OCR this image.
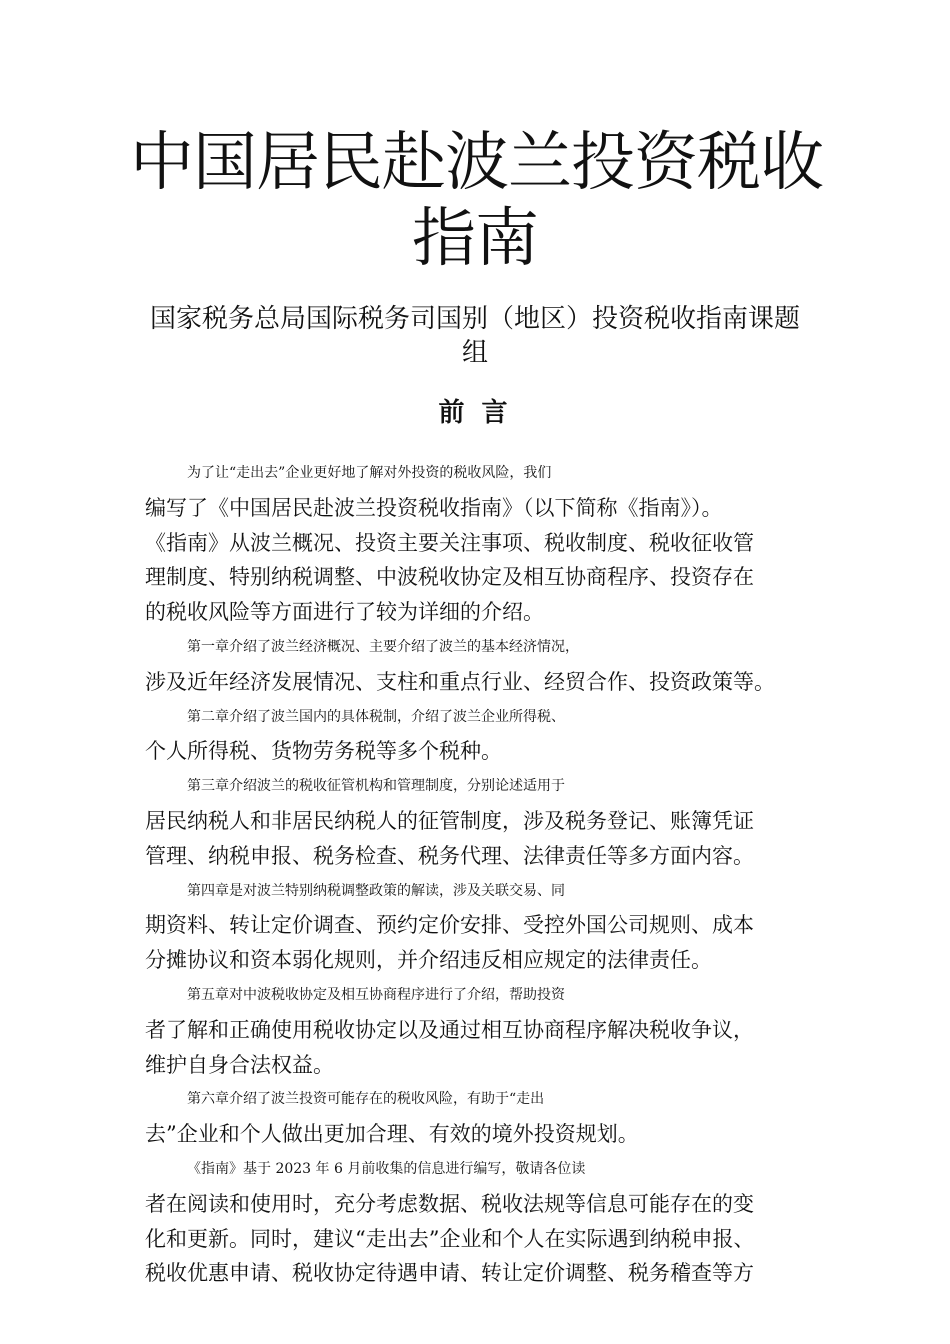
中国居民赴波兰投资税收
指南

国家税务总局国际税务司国别（地区）投资税收指南课题
组

前 言
为了让“走出去”企业更好地了解对外投资的税收风险，我们
编写了《中国居民赴波兰投资税收指南》（以下简称《指南》）。
《指南》从波兰概况、投资主要关注事项、税收制度、税收征收管
理制度、特别纳税调整、中波税收协定及相互协商程序、投资存在
的税收风险等方面进行了较为详细的介绍。
第一章介绍了波兰经济概况、主要介绍了波兰的基本经济情况，
涉及近年经济发展情况、支柱和重点行业、经贸合作、投资政策等。
第二章介绍了波兰国内的具体税制，介绍了波兰企业所得税、
个人所得税、货物劳务税等多个税种。
第三章介绍波兰的税收征管机构和管理制度，分别论述适用于
居民纳税人和非居民纳税人的征管制度，涉及税务登记、账簿凭证
管理、纳税申报、税务检查、税务代理、法律责任等多方面内容。
第四章是对波兰特别纳税调整政策的解读，涉及关联交易、同
期资料、转让定价调查、预约定价安排、受控外国公司规则、成本
分摊协议和资本弱化规则，并介绍违反相应规定的法律责任。
第五章对中波税收协定及相互协商程序进行了介绍，帮助投资
者了解和正确使用税收协定以及通过相互协商程序解决税收争议，
维护自身合法权益。
第六章介绍了波兰投资可能存在的税收风险，有助于“走出
去”企业和个人做出更加合理、有效的境外投资规划。
《指南》基于 2023 年 6 月前收集的信息进行编写，敬请各位读
者在阅读和使用时，充分考虑数据、税收法规等信息可能存在的变
化和更新。同时，建议“走出去”企业和个人在实际遇到纳税申报、
税收优惠申请、税收协定待遇申请、转让定价调整、税务稽查等方
